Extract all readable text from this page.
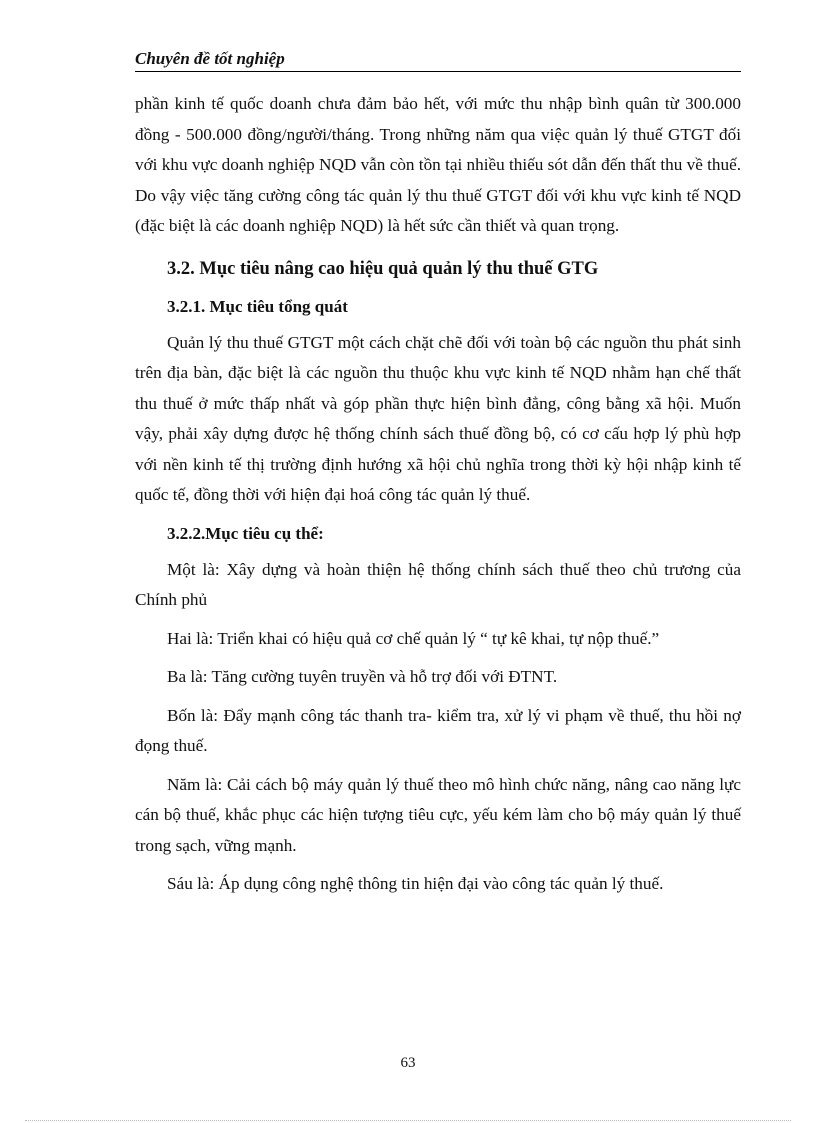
Chuyên đề tốt nghiệp

phần kinh tế quốc doanh chưa đảm bảo hết, với mức thu nhập bình quân từ 300.000 đồng - 500.000 đồng/người/tháng. Trong những năm qua việc quản lý thuế GTGT đối với khu vực doanh nghiệp NQD vẫn còn tồn tại nhiều thiếu sót dẫn đến thất thu về thuế. Do vậy việc tăng cường công tác quản lý thu thuế GTGT đối với khu vực kinh tế NQD (đặc biệt là các doanh nghiệp NQD) là hết sức cần thiết và quan trọng.

3.2. Mục tiêu nâng cao hiệu quả quản lý thu thuế GTG
3.2.1. Mục tiêu tổng quát

Quản lý thu thuế GTGT một cách chặt chẽ đối với toàn bộ các nguồn thu phát sinh trên địa bàn, đặc biệt là các nguồn thu thuộc khu vực kinh tế NQD nhằm hạn chế thất thu thuế ở mức thấp nhất và góp phần thực hiện bình đẳng, công bằng xã hội. Muốn vậy, phải xây dựng được hệ thống chính sách thuế đồng bộ, có cơ cấu hợp lý phù hợp với nền kinh tế thị trường định hướng xã hội chủ nghĩa trong thời kỳ hội nhập kinh tế quốc tế, đồng thời với hiện đại hoá công tác quản lý thuế.

3.2.2.Mục tiêu cụ thể:

Một là: Xây dựng và hoàn thiện hệ thống chính sách thuế theo chủ trương của Chính phủ

Hai là: Triển khai có hiệu quả cơ chế quản lý “ tự kê khai, tự nộp thuế.”

Ba là: Tăng cường tuyên truyền và hỗ trợ đối với ĐTNT.

Bốn là: Đẩy mạnh công tác thanh tra- kiểm tra, xử lý vi phạm về thuế, thu hồi nợ đọng thuế.

Năm là: Cải cách bộ máy quản lý thuế theo mô hình chức năng, nâng cao năng lực cán bộ thuế, khắc phục các hiện tượng tiêu cực, yếu kém làm cho bộ máy quản lý thuế trong sạch, vững mạnh.

Sáu là: Áp dụng công nghệ thông tin hiện đại vào công tác quản lý thuế.

63
